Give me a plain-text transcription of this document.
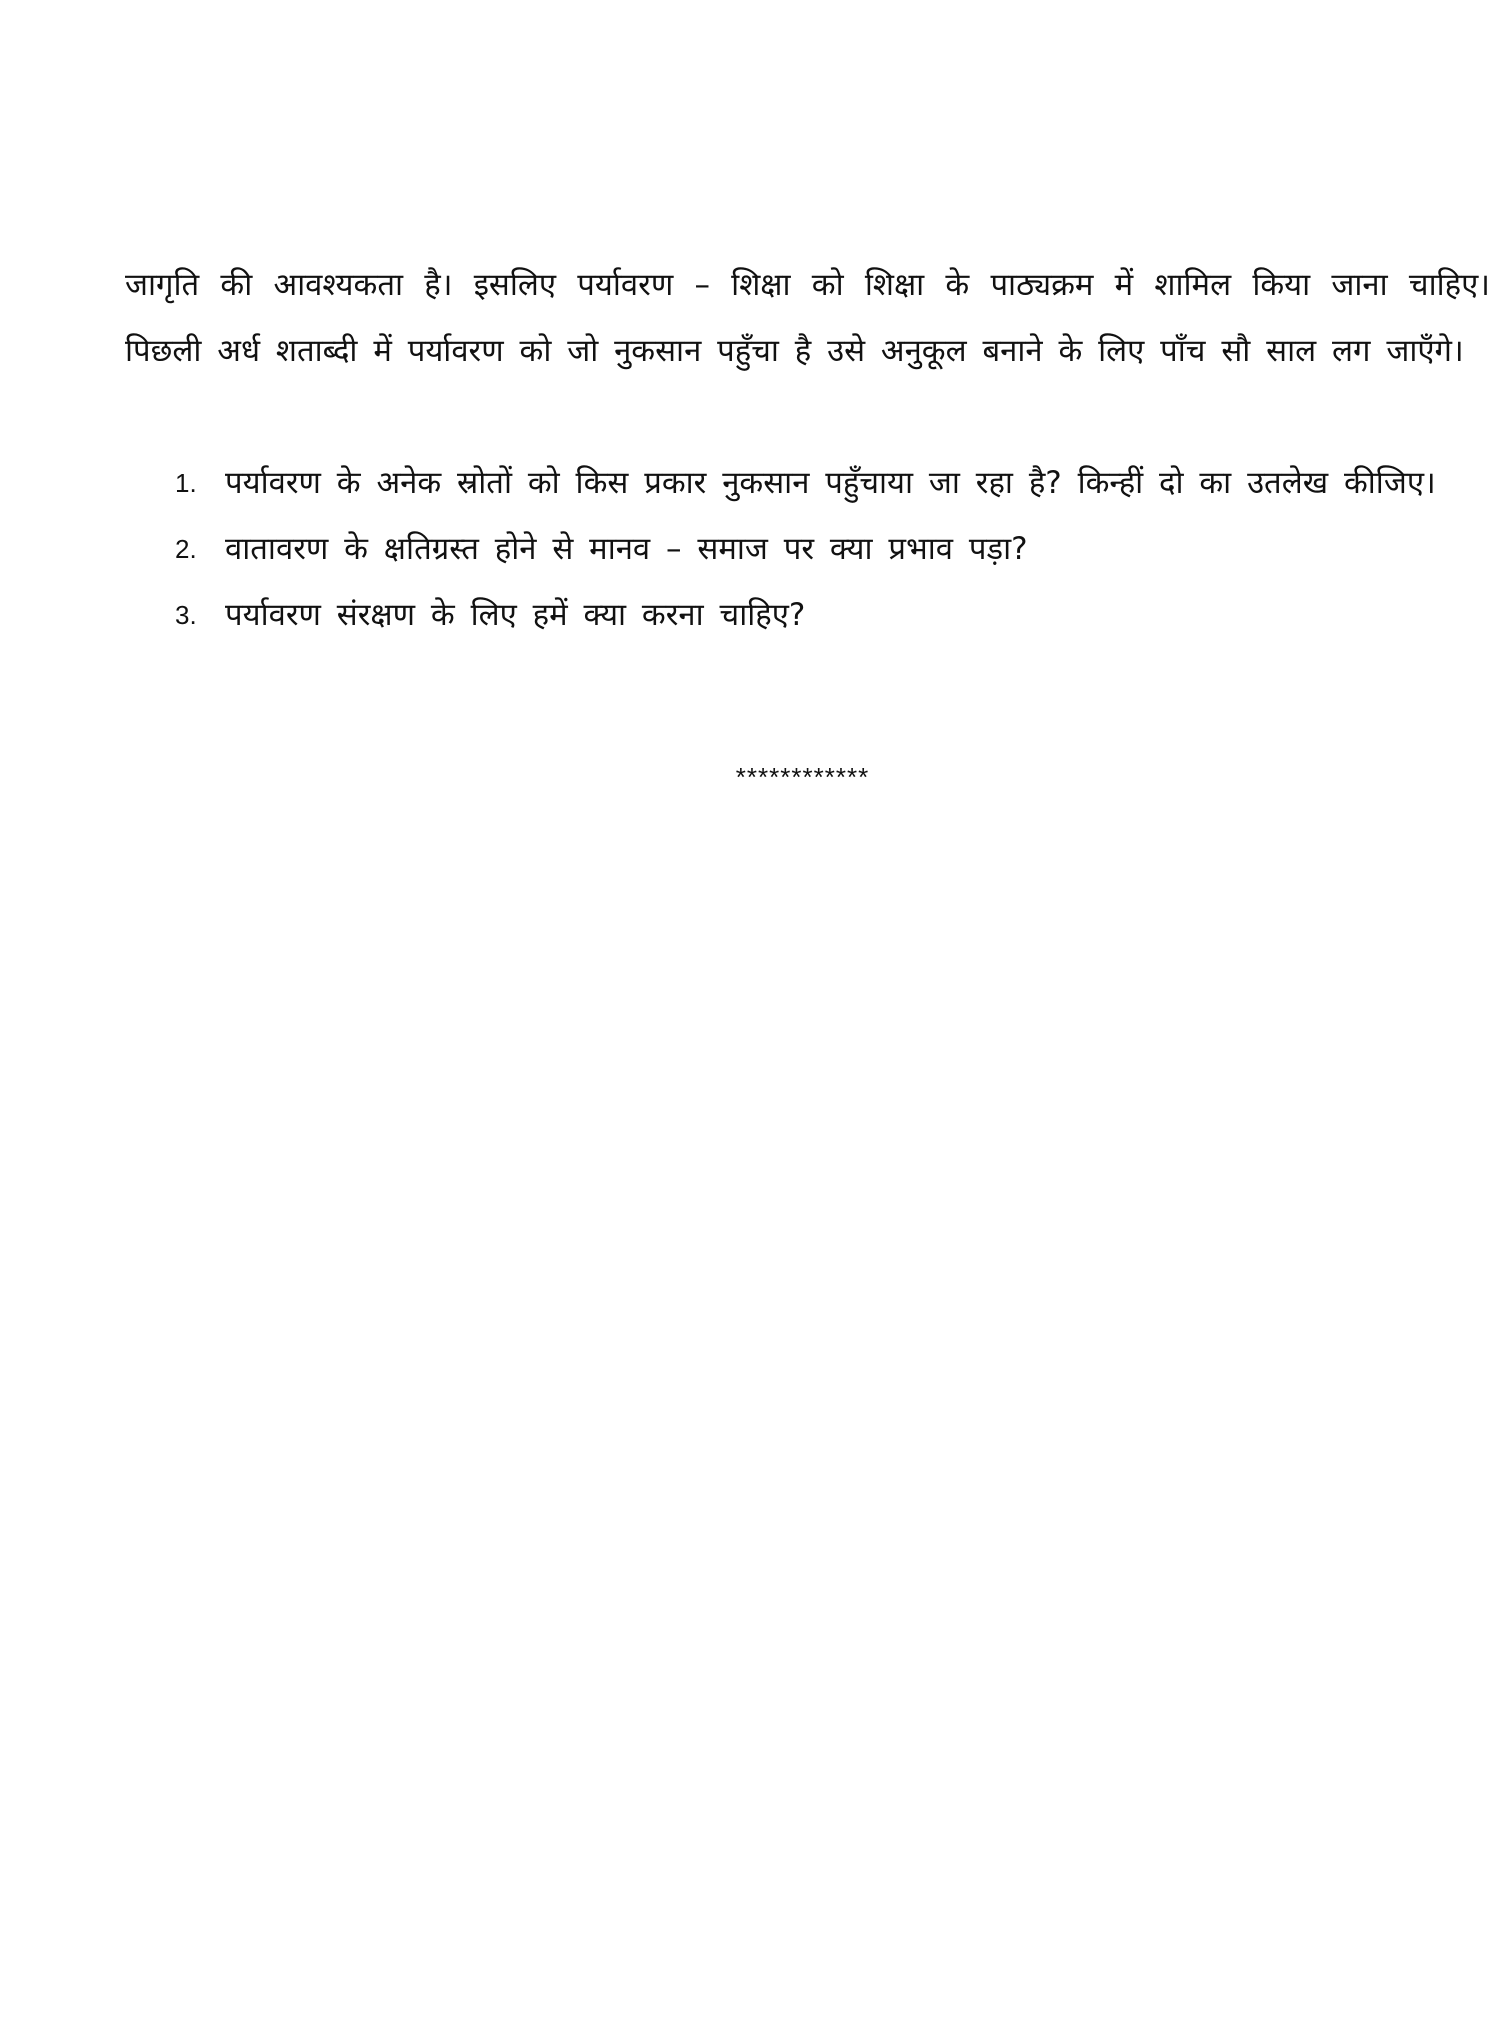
जागृति की आवश्यकता है। इसलिए पर्यावरण – शिक्षा को शिक्षा के पाठ्यक्रम में शामिल किया जाना चाहिए। पिछली अर्ध शताब्दी में पर्यावरण को जो नुकसान पहुँचा है उसे अनुकूल बनाने के लिए पाँच सौ साल लग जाएँगे।

1. पर्यावरण के अनेक स्रोतों को किस प्रकार नुकसान पहुँचाया जा रहा है? किन्हीं दो का उतलेख कीजिए।
2. वातावरण के क्षतिग्रस्त होने से मानव – समाज पर क्या प्रभाव पड़ा?
3. पर्यावरण संरक्षण के लिए हमें क्या करना चाहिए?
************
